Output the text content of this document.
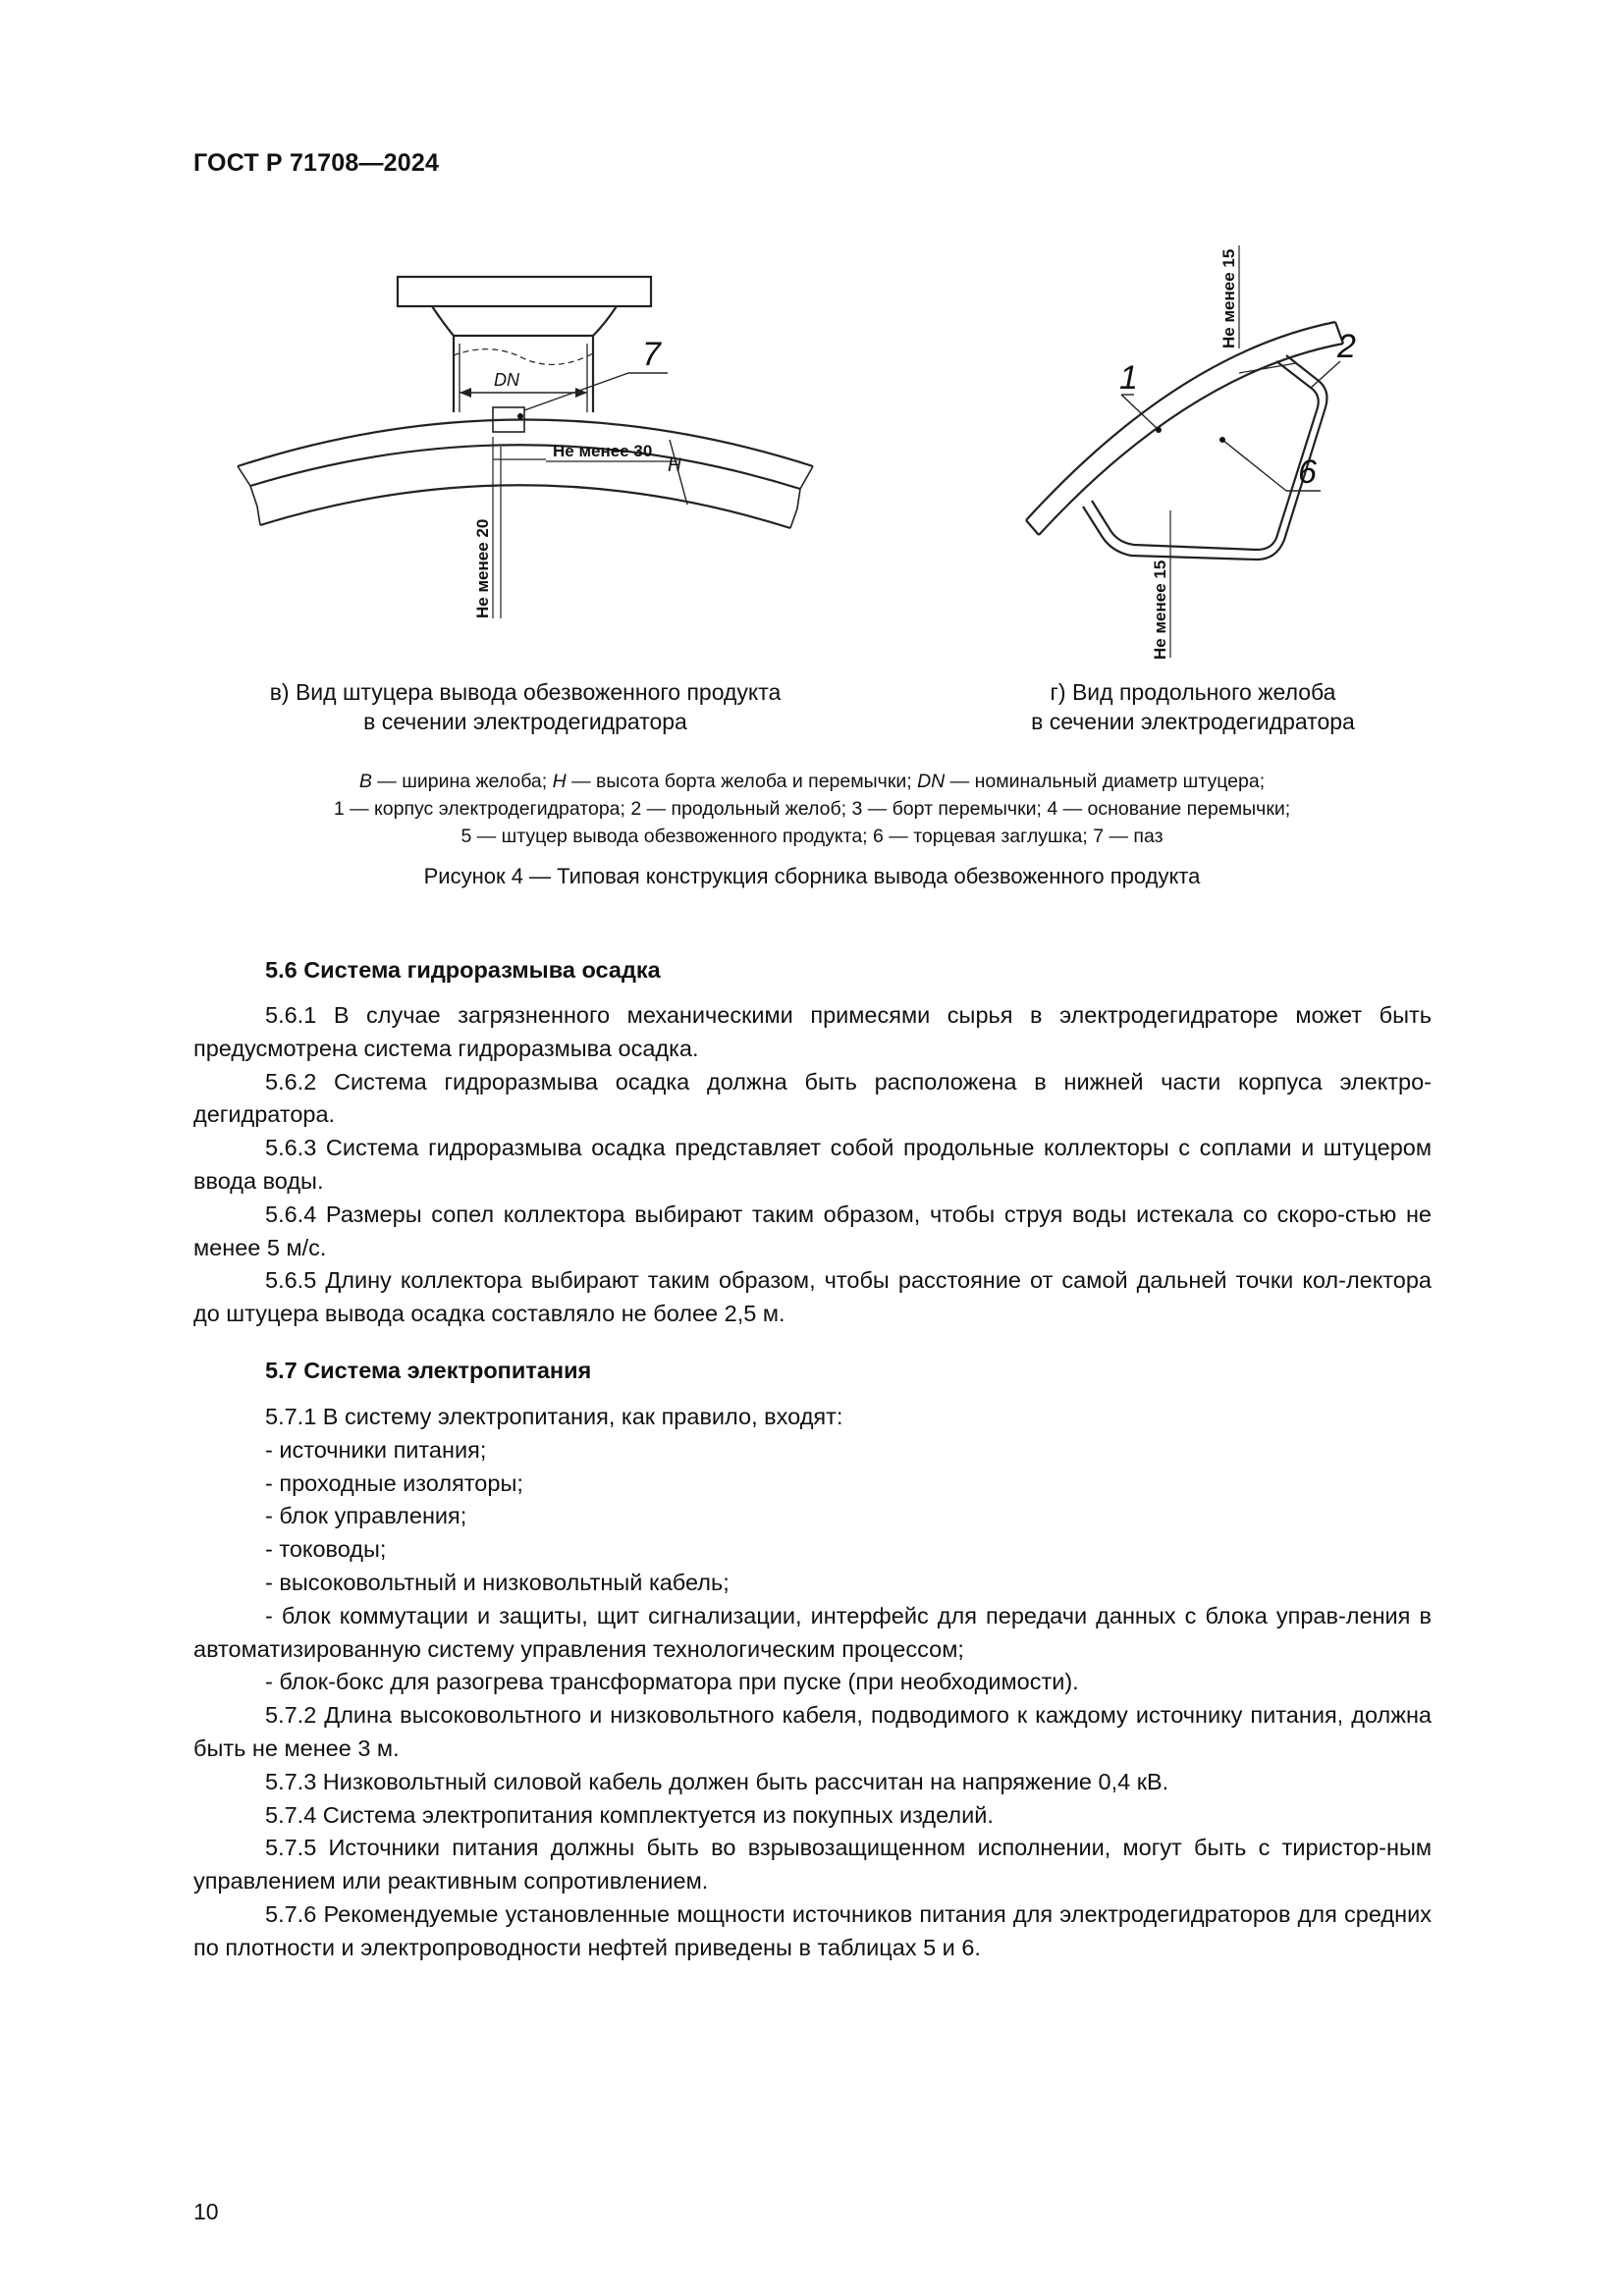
ГОСТ Р 71708—2024
DN
7
Не менее 30
H
Не менее 20
1
2
6
Не менее 15
Не менее 15
в) Вид штуцера вывода обезвоженного продукта
в сечении электродегидратора
г) Вид продольного желоба
в сечении электродегидратора
B — ширина желоба; H — высота борта желоба и перемычки; DN — номинальный диаметр штуцера;
1 — корпус электродегидратора; 2 — продольный желоб; 3 — борт перемычки; 4 — основание перемычки;
5 — штуцер вывода обезвоженного продукта; 6 — торцевая заглушка; 7 — паз
Рисунок 4 — Типовая конструкция сборника вывода обезвоженного продукта
5.6 Система гидроразмыва осадка

5.6.1 В случае загрязненного механическими примесями сырья в электродегидраторе может быть предусмотрена система гидроразмыва осадка.

5.6.2 Система гидроразмыва осадка должна быть расположена в нижней части корпуса электро-дегидратора.

5.6.3 Система гидроразмыва осадка представляет собой продольные коллекторы с соплами и штуцером ввода воды.

5.6.4 Размеры сопел коллектора выбирают таким образом, чтобы струя воды истекала со скоро-стью не менее 5 м/с.

5.6.5 Длину коллектора выбирают таким образом, чтобы расстояние от самой дальней точки кол-лектора до штуцера вывода осадка составляло не более 2,5 м.

5.7 Система электропитания

5.7.1 В систему электропитания, как правило, входят:

- источники питания;

- проходные изоляторы;

- блок управления;

- тоководы;

- высоковольтный и низковольтный кабель;

- блок коммутации и защиты, щит сигнализации, интерфейс для передачи данных с блока управ-ления в автоматизированную систему управления технологическим процессом;

- блок-бокс для разогрева трансформатора при пуске (при необходимости).

5.7.2 Длина высоковольтного и низковольтного кабеля, подводимого к каждому источнику питания, должна быть не менее 3 м.

5.7.3 Низковольтный силовой кабель должен быть рассчитан на напряжение 0,4 кВ.

5.7.4 Система электропитания комплектуется из покупных изделий.

5.7.5 Источники питания должны быть во взрывозащищенном исполнении, могут быть с тиристор-ным управлением или реактивным сопротивлением.

5.7.6 Рекомендуемые установленные мощности источников питания для электродегидраторов для средних по плотности и электропроводности нефтей приведены в таблицах 5 и 6.

10
